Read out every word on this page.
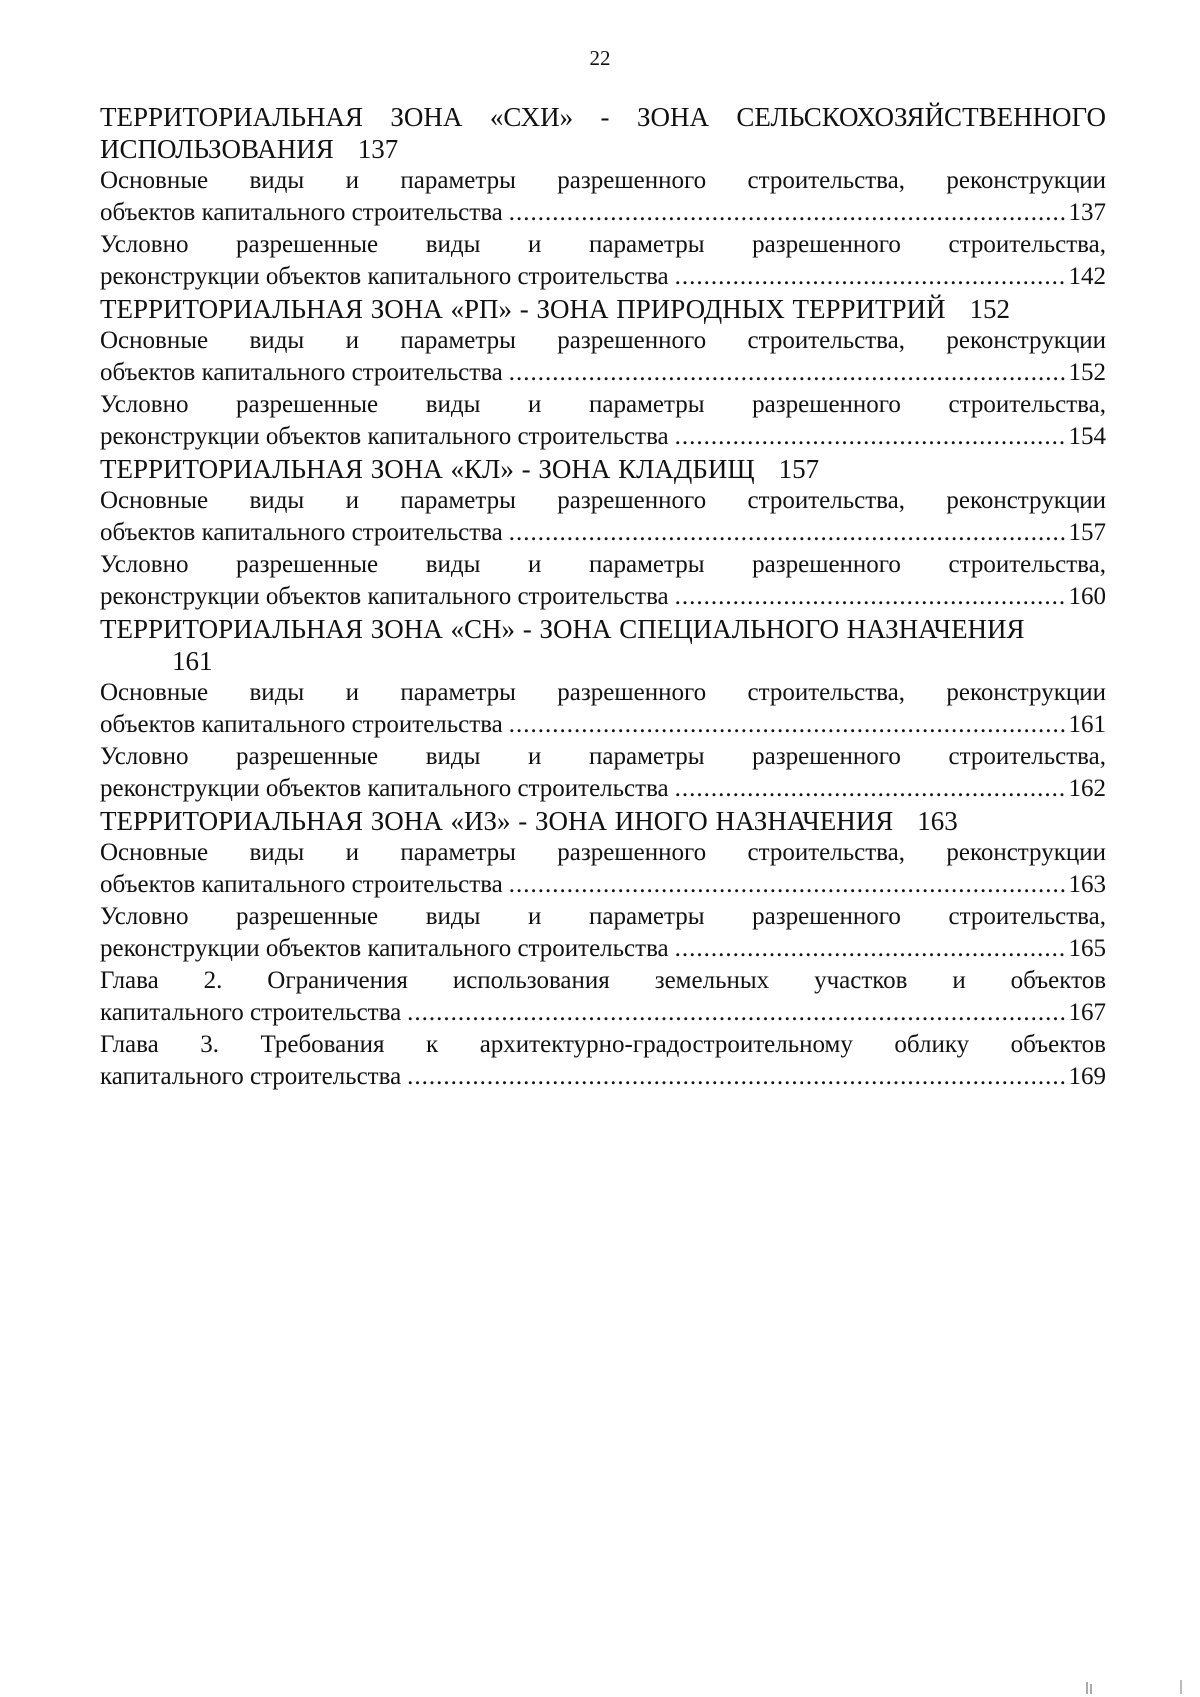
22
ТЕРРИТОРИАЛЬНАЯ ЗОНА «СХИ» - ЗОНА СЕЛЬСКОХОЗЯЙСТВЕННОГО ИСПОЛЬЗОВАНИЯ 137
Основные виды и параметры разрешенного строительства, реконструкции
объектов капитального строительства .....	137
Условно разрешенные виды и параметры разрешенного строительства,
реконструкции объектов капитального строительства .....	142
ТЕРРИТОРИАЛЬНАЯ ЗОНА «РП» - ЗОНА ПРИРОДНЫХ ТЕРРИТРИЙ 152
Основные виды и параметры разрешенного строительства, реконструкции
объектов капитального строительства .....	152
Условно разрешенные виды и параметры разрешенного строительства,
реконструкции объектов капитального строительства .....	154
ТЕРРИТОРИАЛЬНАЯ ЗОНА «КЛ» - ЗОНА КЛАДБИЩ 157
Основные виды и параметры разрешенного строительства, реконструкции
объектов капитального строительства .....	157
Условно разрешенные виды и параметры разрешенного строительства,
реконструкции объектов капитального строительства .....	160
ТЕРРИТОРИАЛЬНАЯ ЗОНА «СН» - ЗОНА СПЕЦИАЛЬНОГО НАЗНАЧЕНИЯ
161
Основные виды и параметры разрешенного строительства, реконструкции
объектов капитального строительства .....	161
Условно разрешенные виды и параметры разрешенного строительства,
реконструкции объектов капитального строительства .....	162
ТЕРРИТОРИАЛЬНАЯ ЗОНА «ИЗ» - ЗОНА ИНОГО НАЗНАЧЕНИЯ 163
Основные виды и параметры разрешенного строительства, реконструкции
объектов капитального строительства .....	163
Условно разрешенные виды и параметры разрешенного строительства,
реконструкции объектов капитального строительства .....	165
Глава 2. Ограничения использования земельных участков и объектов
капитального строительства .....	167
Глава 3. Требования к архитектурно-градостроительному облику объектов
капитального строительства .....	169
